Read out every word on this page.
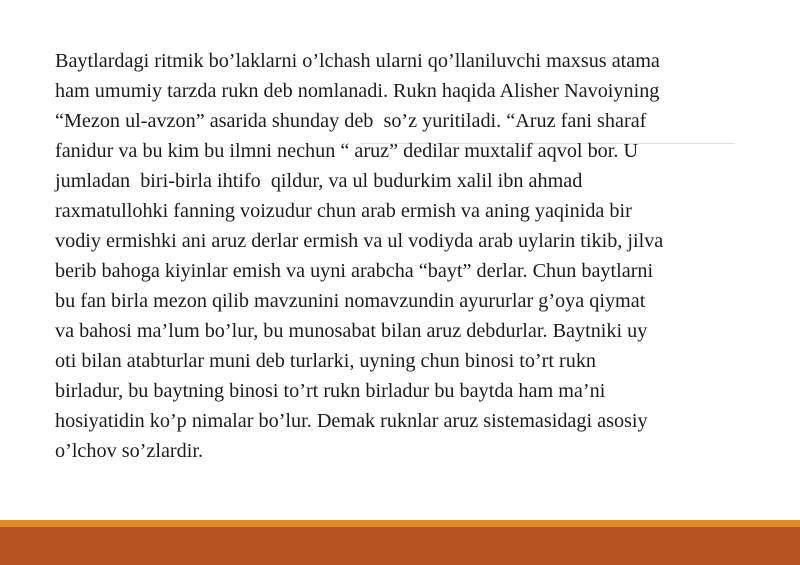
Baytlardagi ritmik bo’laklarni o’lchash ularni qo’llaniluvchi maxsus atama
ham umumiy tarzda rukn deb nomlanadi. Rukn haqida Alisher Navoiyning
“Mezon ul-avzon” asarida shunday deb  so’z yuritiladi. “Aruz fani sharaf
fanidur va bu kim bu ilmni nechun “ aruz” dedilar muxtalif aqvol bor. U
jumladan  biri-birla ihtifo  qildur, va ul budurkim xalil ibn ahmad
raxmatullohki fanning voizudur chun arab ermish va aning yaqinida bir
vodiy ermishki ani aruz derlar ermish va ul vodiyda arab uylarin tikib, jilva
berib bahoga kiyinlar emish va uyni arabcha “bayt” derlar. Chun baytlarni
bu fan birla mezon qilib mavzunini nomavzundin ayururlar g’oya qiymat
va bahosi ma’lum bo’lur, bu munosabat bilan aruz debdurlar. Baytniki uy
oti bilan atabturlar muni deb turlarki, uyning chun binosi to’rt rukn
birladur, bu baytning binosi to’rt rukn birladur bu baytda ham ma’ni
hosiyatidin ko’p nimalar bo’lur. Demak ruknlar aruz sistemasidagi asosiy
o’lchov so’zlardir.
